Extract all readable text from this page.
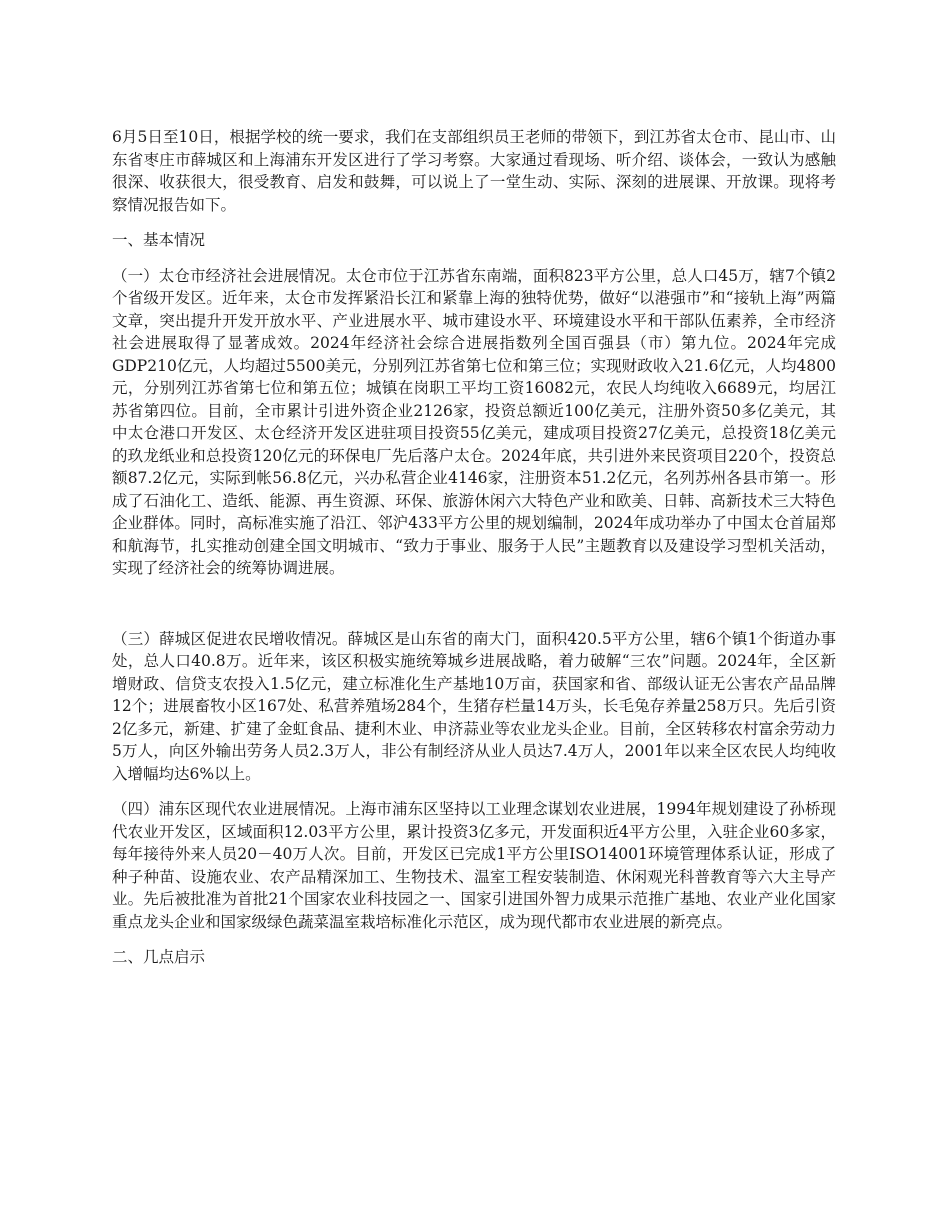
6月5日至10日，根据学校的统一要求，我们在支部组织员王老师的带领下，到江苏省太仓市、昆山市、山东省枣庄市薛城区和上海浦东开发区进行了学习考察。大家通过看现场、听介绍、谈体会，一致认为感触很深、收获很大，很受教育、启发和鼓舞，可以说上了一堂生动、实际、深刻的进展课、开放课。现将考察情况报告如下。

一、基本情况

（一）太仓市经济社会进展情况。太仓市位于江苏省东南端，面积823平方公里，总人口45万，辖7个镇2个省级开发区。近年来，太仓市发挥紧沿长江和紧靠上海的独特优势，做好“以港强市”和“接轨上海”两篇文章，突出提升开发开放水平、产业进展水平、城市建设水平、环境建设水平和干部队伍素养，全市经济社会进展取得了显著成效。2024年经济社会综合进展指数列全国百强县（市）第九位。2024年完成GDP210亿元，人均超过5500美元，分别列江苏省第七位和第三位；实现财政收入21.6亿元，人均4800元，分别列江苏省第七位和第五位；城镇在岗职工平均工资16082元，农民人均纯收入6689元，均居江苏省第四位。目前，全市累计引进外资企业2126家，投资总额近100亿美元，注册外资50多亿美元，其中太仓港口开发区、太仓经济开发区进驻项目投资55亿美元，建成项目投资27亿美元，总投资18亿美元的玖龙纸业和总投资120亿元的环保电厂先后落户太仓。2024年底，共引进外来民资项目220个，投资总额87.2亿元，实际到帐56.8亿元，兴办私营企业4146家，注册资本51.2亿元，名列苏州各县市第一。形成了石油化工、造纸、能源、再生资源、环保、旅游休闲六大特色产业和欧美、日韩、高新技术三大特色企业群体。同时，高标准实施了沿江、邻沪433平方公里的规划编制，2024年成功举办了中国太仓首届郑和航海节，扎实推动创建全国文明城市、“致力于事业、服务于人民”主题教育以及建设学习型机关活动，实现了经济社会的统筹协调进展。

（三）薛城区促进农民增收情况。薛城区是山东省的南大门，面积420.5平方公里，辖6个镇1个街道办事处，总人口40.8万。近年来，该区积极实施统筹城乡进展战略，着力破解“三农”问题。2024年，全区新增财政、信贷支农投入1.5亿元，建立标准化生产基地10万亩，获国家和省、部级认证无公害农产品品牌12个；进展畜牧小区167处、私营养殖场284个，生猪存栏量14万头，长毛兔存养量258万只。先后引资2亿多元，新建、扩建了金虹食品、捷利木业、申济蒜业等农业龙头企业。目前，全区转移农村富余劳动力5万人，向区外输出劳务人员2.3万人，非公有制经济从业人员达7.4万人，2001年以来全区农民人均纯收入增幅均达6%以上。

（四）浦东区现代农业进展情况。上海市浦东区坚持以工业理念谋划农业进展，1994年规划建设了孙桥现代农业开发区，区域面积12.03平方公里，累计投资3亿多元，开发面积近4平方公里，入驻企业60多家，每年接待外来人员20－40万人次。目前，开发区已完成1平方公里ISO14001环境管理体系认证，形成了种子种苗、设施农业、农产品精深加工、生物技术、温室工程安装制造、休闲观光科普教育等六大主导产业。先后被批准为首批21个国家农业科技园之一、国家引进国外智力成果示范推广基地、农业产业化国家重点龙头企业和国家级绿色蔬菜温室栽培标准化示范区，成为现代都市农业进展的新亮点。

二、几点启示
